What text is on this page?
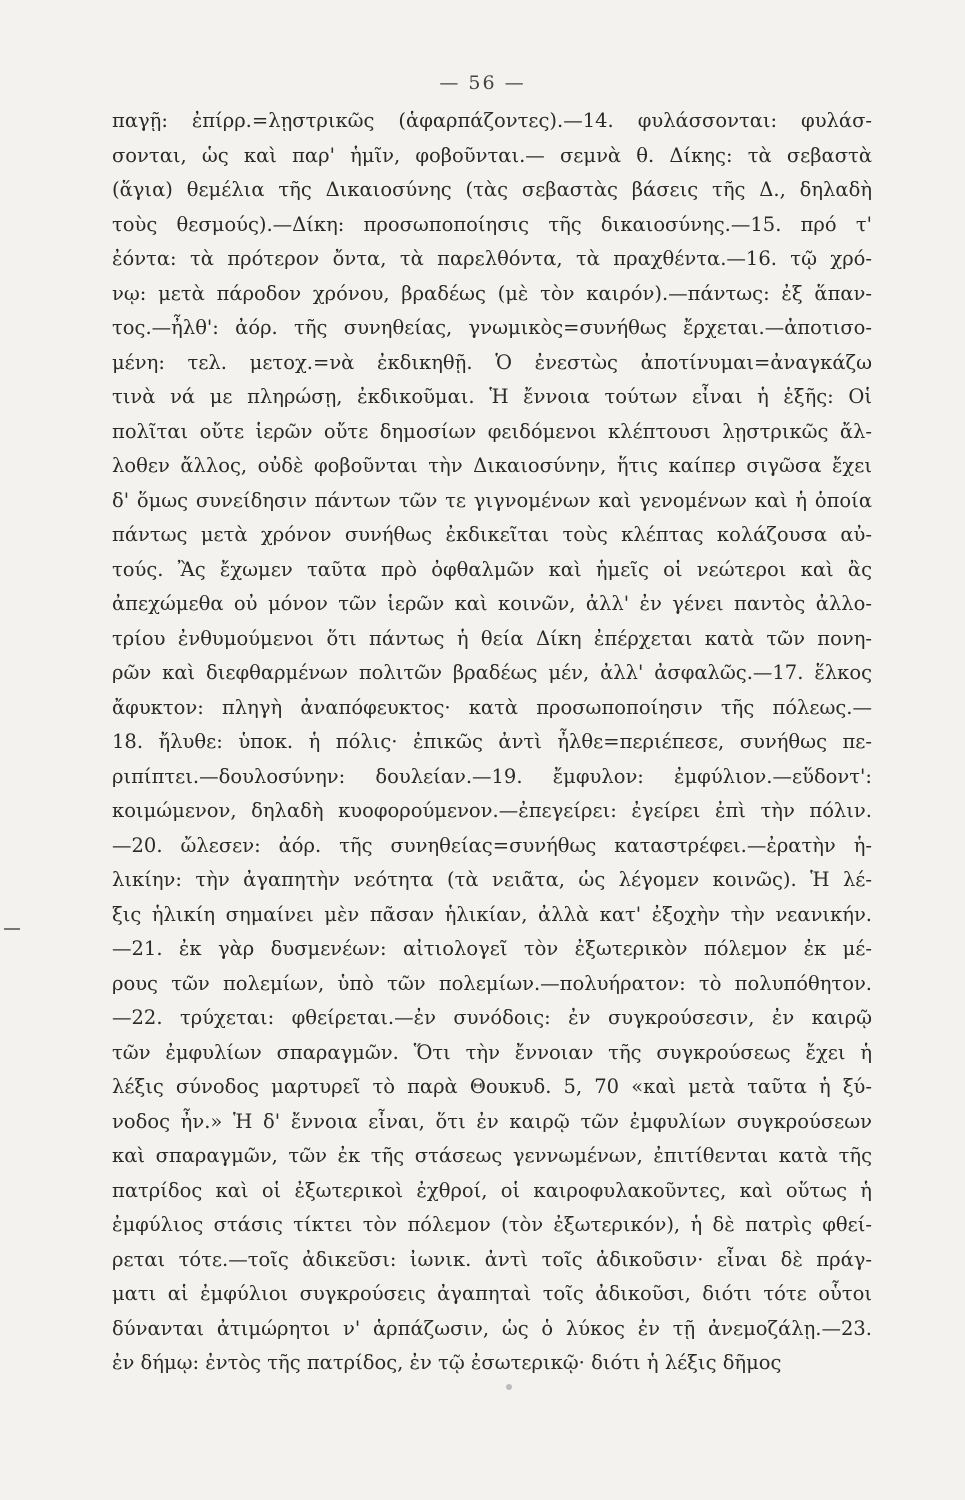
— 56 —
παγῇ: ἐπίρρ.=λῃστρικῶς (ἁφαρπάζοντες).—14. φυλάσσονται: φυλάσ-
σονται, ὡς καὶ παρ' ἡμῖν, φοβοῦνται.— σεμνὰ θ. Δίκης: τὰ σεβαστὰ
(ἅγια) θεμέλια τῆς Δικαιοσύνης (τὰς σεβαστὰς βάσεις τῆς Δ., δηλαδὴ
τοὺς θεσμούς).—Δίκη: προσωποποίησις τῆς δικαιοσύνης.—15. πρό τ'
ἐόντα: τὰ πρότερον ὄντα, τὰ παρελθόντα, τὰ πραχθέντα.—16. τῷ χρό-
νῳ: μετὰ πάροδον χρόνου, βραδέως (μὲ τὸν καιρόν).—πάντως: ἐξ ἅπαν-
τος.—ἦλθ': ἀόρ. τῆς συνηθείας, γνωμικὸς=συνήθως ἔρχεται.—ἀποτισο-
μένη: τελ. μετοχ.=νὰ ἐκδικηθῇ. Ὁ ἐνεστὼς ἀποτίνυμαι=ἀναγκάζω
τινὰ νά με πληρώσῃ, ἐκδικοῦμαι. Ἡ ἔννοια τούτων εἶναι ἡ ἑξῆς: Οἱ
πολῖται οὔτε ἱερῶν οὔτε δημοσίων φειδόμενοι κλέπτουσι λῃστρικῶς ἄλ-
λοθεν ἄλλος, οὐδὲ φοβοῦνται τὴν Δικαιοσύνην, ἥτις καίπερ σιγῶσα ἔχει
δ' ὅμως συνείδησιν πάντων τῶν τε γιγνομένων καὶ γενομένων καὶ ἡ ὁποία
πάντως μετὰ χρόνον συνήθως ἐκδικεῖται τοὺς κλέπτας κολάζουσα αὐ-
τούς. Ἂς ἔχωμεν ταῦτα πρὸ ὀφθαλμῶν καὶ ἡμεῖς οἱ νεώτεροι καὶ ἂς
ἀπεχώμεθα οὐ μόνον τῶν ἱερῶν καὶ κοινῶν, ἀλλ' ἐν γένει παντὸς ἀλλο-
τρίου ἐνθυμούμενοι ὅτι πάντως ἡ θεία Δίκη ἐπέρχεται κατὰ τῶν πονη-
ρῶν καὶ διεφθαρμένων πολιτῶν βραδέως μέν, ἀλλ' ἀσφαλῶς.—17. ἕλκος
ἄφυκτον: πληγὴ ἀναπόφευκτος· κατὰ προσωποποίησιν τῆς πόλεως.—
18. ἤλυθε: ὑποκ. ἡ πόλις· ἐπικῶς ἀντὶ ἦλθε=περιέπεσε, συνήθως πε-
ριπίπτει.—δουλοσύνην: δουλείαν.—19. ἔμφυλον: ἐμφύλιον.—εὕδοντ':
κοιμώμενον, δηλαδὴ κυοφορούμενον.—ἐπεγείρει: ἐγείρει ἐπὶ τὴν πόλιν.
—20. ὤλεσεν: ἀόρ. τῆς συνηθείας=συνήθως καταστρέφει.—ἐρατὴν ἡ-
λικίην: τὴν ἀγαπητὴν νεότητα (τὰ νειᾶτα, ὡς λέγομεν κοινῶς). Ἡ λέ-
ξις ἡλικίη σημαίνει μὲν πᾶσαν ἡλικίαν, ἀλλὰ κατ' ἐξοχὴν τὴν νεανικήν.
—21. ἐκ γὰρ δυσμενέων: αἰτιολογεῖ τὸν ἐξωτερικὸν πόλεμον ἐκ μέ-
ρους τῶν πολεμίων, ὑπὸ τῶν πολεμίων.—πολυήρατον: τὸ πολυπόθητον.
—22. τρύχεται: φθείρεται.—ἐν συνόδοις: ἐν συγκρούσεσιν, ἐν καιρῷ
τῶν ἐμφυλίων σπαραγμῶν. Ὅτι τὴν ἔννοιαν τῆς συγκρούσεως ἔχει ἡ
λέξις σύνοδος μαρτυρεῖ τὸ παρὰ Θουκυδ. 5, 70 «καὶ μετὰ ταῦτα ἡ ξύ-
νοδος ἦν.» Ἡ δ' ἔννοια εἶναι, ὅτι ἐν καιρῷ τῶν ἐμφυλίων συγκρούσεων
καὶ σπαραγμῶν, τῶν ἐκ τῆς στάσεως γεννωμένων, ἐπιτίθενται κατὰ τῆς
πατρίδος καὶ οἱ ἐξωτερικοὶ ἐχθροί, οἱ καιροφυλακοῦντες, καὶ οὕτως ἡ
ἐμφύλιος στάσις τίκτει τὸν πόλεμον (τὸν ἐξωτερικόν), ἡ δὲ πατρὶς φθεί-
ρεται τότε.—τοῖς ἀδικεῦσι: ἰωνικ. ἀντὶ τοῖς ἀδικοῦσιν· εἶναι δὲ πράγ-
ματι αἱ ἐμφύλιοι συγκρούσεις ἀγαπηταὶ τοῖς ἀδικοῦσι, διότι τότε οὗτοι
δύνανται ἀτιμώρητοι ν' ἁρπάζωσιν, ὡς ὁ λύκος ἐν τῇ ἀνεμοζάλῃ.—23.
ἐν δήμῳ: ἐντὸς τῆς πατρίδος, ἐν τῷ ἐσωτερικῷ· διότι ἡ λέξις δῆμος
